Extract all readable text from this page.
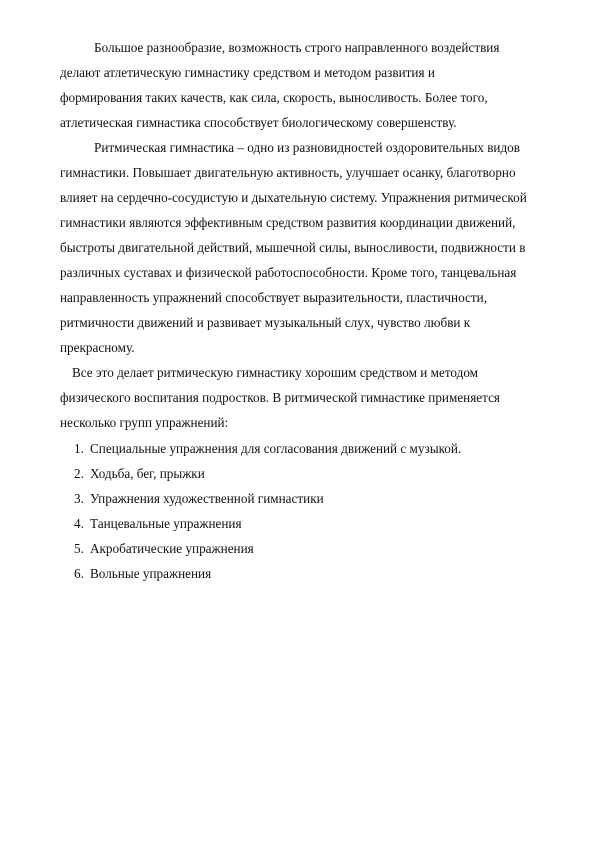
Большое разнообразие, возможность строго направленного воздействия
делают атлетическую гимнастику средством и методом развития и
формирования таких качеств, как сила, скорость, выносливость. Более того,
атлетическая гимнастика способствует биологическому совершенству.
Ритмическая гимнастика – одно из разновидностей оздоровительных видов
гимнастики. Повышает двигательную активность, улучшает осанку, благотворно
влияет на сердечно-сосудистую и дыхательную систему. Упражнения ритмической
гимнастики являются эффективным средством развития координации движений,
быстроты двигательной действий, мышечной силы, выносливости, подвижности в
различных суставах и физической работоспособности. Кроме того, танцевальная
направленность упражнений способствует выразительности, пластичности,
ритмичности движений и развивает музыкальный слух, чувство любви к
прекрасному.
Все это делает ритмическую гимнастику хорошим средством и методом
физического воспитания подростков. В ритмической гимнастике применяется
несколько групп упражнений:
1. Специальные упражнения для согласования движений с музыкой.
2. Ходьба, бег, прыжки
3. Упражнения художественной гимнастики
4. Танцевальные упражнения
5. Акробатические упражнения
6. Вольные упражнения
